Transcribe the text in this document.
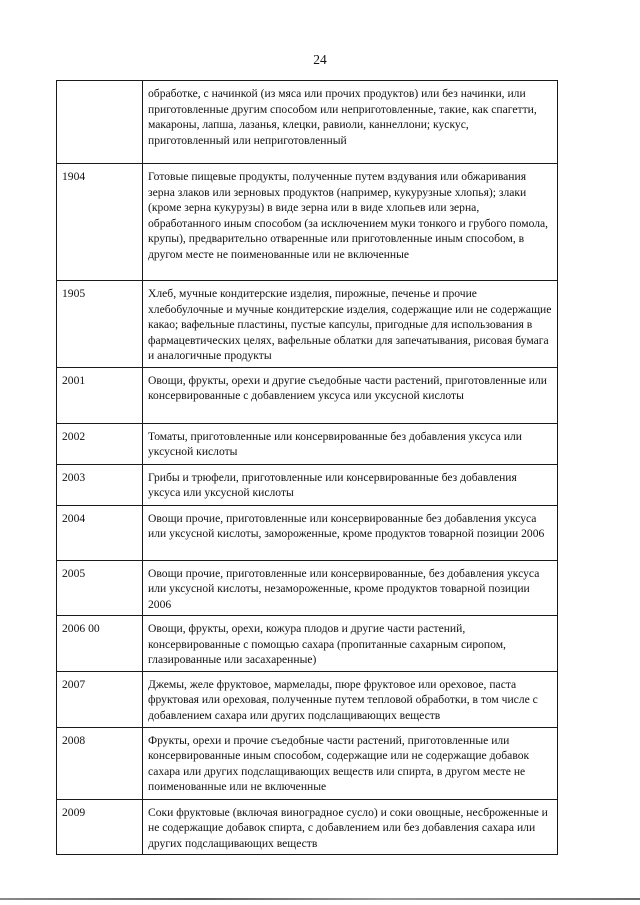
24
	обработке, с начинкой (из мяса или прочих продуктов) или без начинки, или приготовленные другим способом или неприготовленные, такие, как спагетти, макароны, лапша, лазанья, клецки, равиоли, каннеллони; кускус, приготовленный или неприготовленный
1904	Готовые пищевые продукты, полученные путем вздувания или обжаривания зерна злаков или зерновых продуктов (например, кукурузные хлопья); злаки (кроме зерна кукурузы) в виде зерна или в виде хлопьев или зерна, обработанного иным способом (за исключением муки тонкого и грубого помола, крупы), предварительно отваренные или приготовленные иным способом, в другом месте не поименованные или не включенные
1905	Хлеб, мучные кондитерские изделия, пирожные, печенье и прочие хлебобулочные и мучные кондитерские изделия, содержащие или не содержащие какао; вафельные пластины, пустые капсулы, пригодные для использования в фармацевтических целях, вафельные облатки для запечатывания, рисовая бумага и аналогичные продукты
2001	Овощи, фрукты, орехи и другие съедобные части растений, приготовленные или консервированные с добавлением уксуса или уксусной кислоты
2002	Томаты, приготовленные или консервированные без добавления уксуса или уксусной кислоты
2003	Грибы и трюфели, приготовленные или консервированные без добавления уксуса или уксусной кислоты
2004	Овощи прочие, приготовленные или консервированные без добавления уксуса или уксусной кислоты, замороженные, кроме продуктов товарной позиции 2006
2005	Овощи прочие, приготовленные или консервированные, без добавления уксуса или уксусной кислоты, незамороженные, кроме продуктов товарной позиции 2006
2006 00	Овощи, фрукты, орехи, кожура плодов и другие части растений, консервированные с помощью сахара (пропитанные сахарным сиропом, глазированные или засахаренные)
2007	Джемы, желе фруктовое, мармелады, пюре фруктовое или ореховое, паста фруктовая или ореховая, полученные путем тепловой обработки, в том числе с добавлением сахара или других подслащивающих веществ
2008	Фрукты, орехи и прочие съедобные части растений, приготовленные или консервированные иным способом, содержащие или не содержащие добавок сахара или других подслащивающих веществ или спирта, в другом месте не поименованные или не включенные
2009	Соки фруктовые (включая виноградное сусло) и соки овощные, несброженные и не содержащие добавок спирта, с добавлением или без добавления сахара или других подслащивающих веществ
